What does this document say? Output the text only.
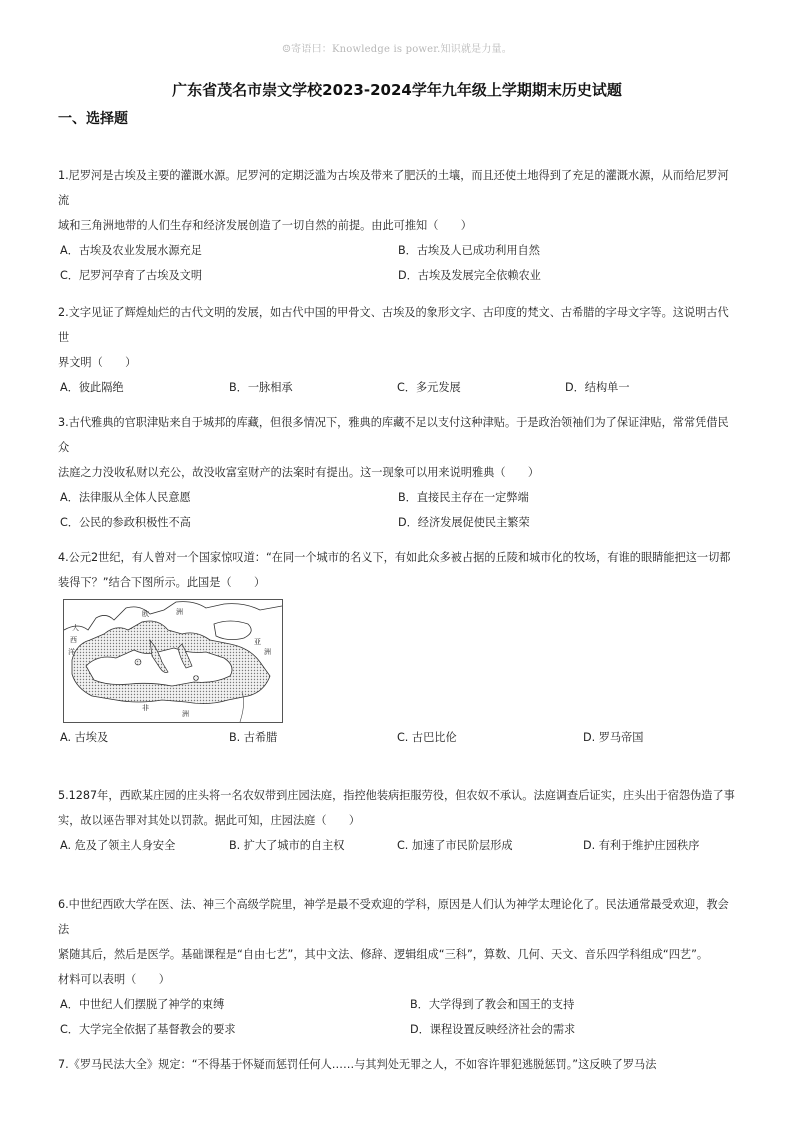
☺寄语曰：Knowledge is power.知识就是力量。
广东省茂名市崇文学校2023-2024学年九年级上学期期末历史试题
一、选择题

1.尼罗河是古埃及主要的灌溉水源。尼罗河的定期泛滥为古埃及带来了肥沃的土壤，而且还使土地得到了充足的灌溉水源，从而给尼罗河流

域和三角洲地带的人们生存和经济发展创造了一切自然的前提。由此可推知（　　）

A．古埃及农业发展水源充足	B．古埃及人已成功利用自然
C．尼罗河孕育了古埃及文明	D．古埃及发展完全依赖农业

2.文字见证了辉煌灿烂的古代文明的发展，如古代中国的甲骨文、古埃及的象形文字、古印度的梵文、古希腊的字母文字等。这说明古代世

界文明（　　）

A．彼此隔绝	B．一脉相承	C．多元发展	D．结构单一

3.古代雅典的官职津贴来自于城邦的库藏，但很多情况下，雅典的库藏不足以支付这种津贴。于是政治领袖们为了保证津贴，常常凭借民众

法庭之力没收私财以充公，故没收富室财产的法案时有提出。这一现象可以用来说明雅典（　　）

A．法律服从全体人民意愿	B．直接民主存在一定弊端
C．公民的参政积极性不高	D．经济发展促使民主繁荣

4.公元2世纪，有人曾对一个国家惊叹道：“在同一个城市的名义下，有如此众多被占据的丘陵和城市化的牧场，有谁的眼睛能把这一切都

装得下？”结合下图所示。此国是（　　）

大
西
洋
欧	洲
亚
洲
非
洲
A. 古埃及	B. 古希腊	C. 古巴比伦	D. 罗马帝国

5.1287年，西欧某庄园的庄头将一名农奴带到庄园法庭，指控他装病拒服劳役，但农奴不承认。法庭调查后证实，庄头出于宿怨伪造了事

实，故以诬告罪对其处以罚款。据此可知，庄园法庭（　　）

A. 危及了领主人身安全	B. 扩大了城市的自主权	C. 加速了市民阶层形成	D. 有利于维护庄园秩序

6.中世纪西欧大学在医、法、神三个高级学院里，神学是最不受欢迎的学科，原因是人们认为神学太理论化了。民法通常最受欢迎，教会法

紧随其后，然后是医学。基础课程是“自由七艺”，其中文法、修辞、逻辑组成“三科”，算数、几何、天文、音乐四学科组成“四艺”。

材料可以表明（　　）

A．中世纪人们摆脱了神学的束缚	B．大学得到了教会和国王的支持
C．大学完全依据了基督教会的要求	D．课程设置反映经济社会的需求

7.《罗马民法大全》规定：“不得基于怀疑而惩罚任何人……与其判处无罪之人，不如容许罪犯逃脱惩罚。”这反映了罗马法
